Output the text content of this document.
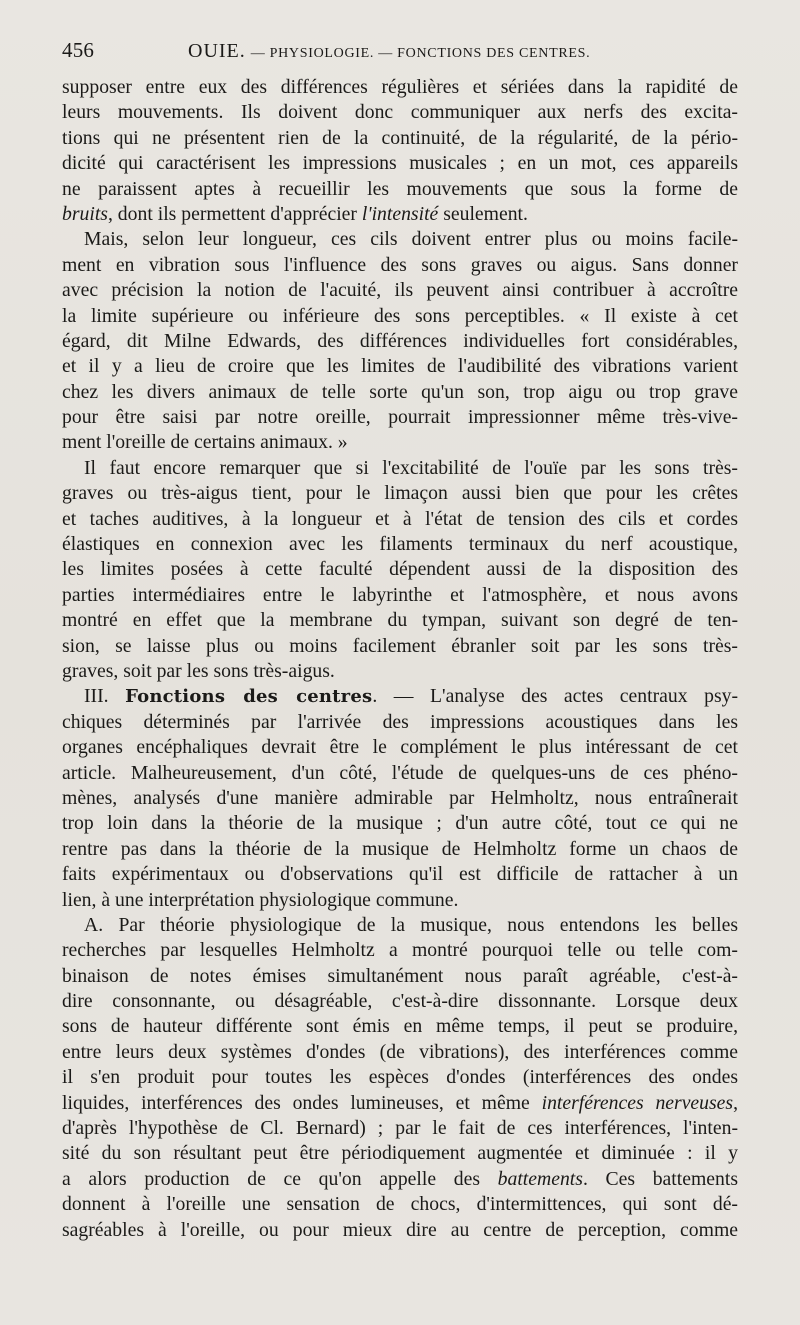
456	OUIE. — PHYSIOLOGIE. — FONCTIONS DES CENTRES.
supposer entre eux des différences régulières et sériées dans la rapidité de
leurs mouvements. Ils doivent donc communiquer aux nerfs des excita-
tions qui ne présentent rien de la continuité, de la régularité, de la pério-
dicité qui caractérisent les impressions musicales ; en un mot, ces appareils
ne paraissent aptes à recueillir les mouvements que sous la forme de
bruits, dont ils permettent d'apprécier l'intensité seulement.
Mais, selon leur longueur, ces cils doivent entrer plus ou moins facile-
ment en vibration sous l'influence des sons graves ou aigus. Sans donner
avec précision la notion de l'acuité, ils peuvent ainsi contribuer à accroître
la limite supérieure ou inférieure des sons perceptibles. « Il existe à cet
égard, dit Milne Edwards, des différences individuelles fort considérables,
et il y a lieu de croire que les limites de l'audibilité des vibrations varient
chez les divers animaux de telle sorte qu'un son, trop aigu ou trop grave
pour être saisi par notre oreille, pourrait impressionner même très-vive-
ment l'oreille de certains animaux. »
Il faut encore remarquer que si l'excitabilité de l'ouïe par les sons très-
graves ou très-aigus tient, pour le limaçon aussi bien que pour les crêtes
et taches auditives, à la longueur et à l'état de tension des cils et cordes
élastiques en connexion avec les filaments terminaux du nerf acoustique,
les limites posées à cette faculté dépendent aussi de la disposition des
parties intermédiaires entre le labyrinthe et l'atmosphère, et nous avons
montré en effet que la membrane du tympan, suivant son degré de ten-
sion, se laisse plus ou moins facilement ébranler soit par les sons très-
graves, soit par les sons très-aigus.
III. Fonctions des centres. — L'analyse des actes centraux psy-
chiques déterminés par l'arrivée des impressions acoustiques dans les
organes encéphaliques devrait être le complément le plus intéressant de cet
article. Malheureusement, d'un côté, l'étude de quelques-uns de ces phéno-
mènes, analysés d'une manière admirable par Helmholtz, nous entraînerait
trop loin dans la théorie de la musique ; d'un autre côté, tout ce qui ne
rentre pas dans la théorie de la musique de Helmholtz forme un chaos de
faits expérimentaux ou d'observations qu'il est difficile de rattacher à un
lien, à une interprétation physiologique commune.
A. Par théorie physiologique de la musique, nous entendons les belles
recherches par lesquelles Helmholtz a montré pourquoi telle ou telle com-
binaison de notes émises simultanément nous paraît agréable, c'est-à-
dire consonnante, ou désagréable, c'est-à-dire dissonnante. Lorsque deux
sons de hauteur différente sont émis en même temps, il peut se produire,
entre leurs deux systèmes d'ondes (de vibrations), des interférences comme
il s'en produit pour toutes les espèces d'ondes (interférences des ondes
liquides, interférences des ondes lumineuses, et même interférences nerveuses,
d'après l'hypothèse de Cl. Bernard) ; par le fait de ces interférences, l'inten-
sité du son résultant peut être périodiquement augmentée et diminuée : il y
a alors production de ce qu'on appelle des battements. Ces battements
donnent à l'oreille une sensation de chocs, d'intermittences, qui sont dé-
sagréables à l'oreille, ou pour mieux dire au centre de perception, comme
